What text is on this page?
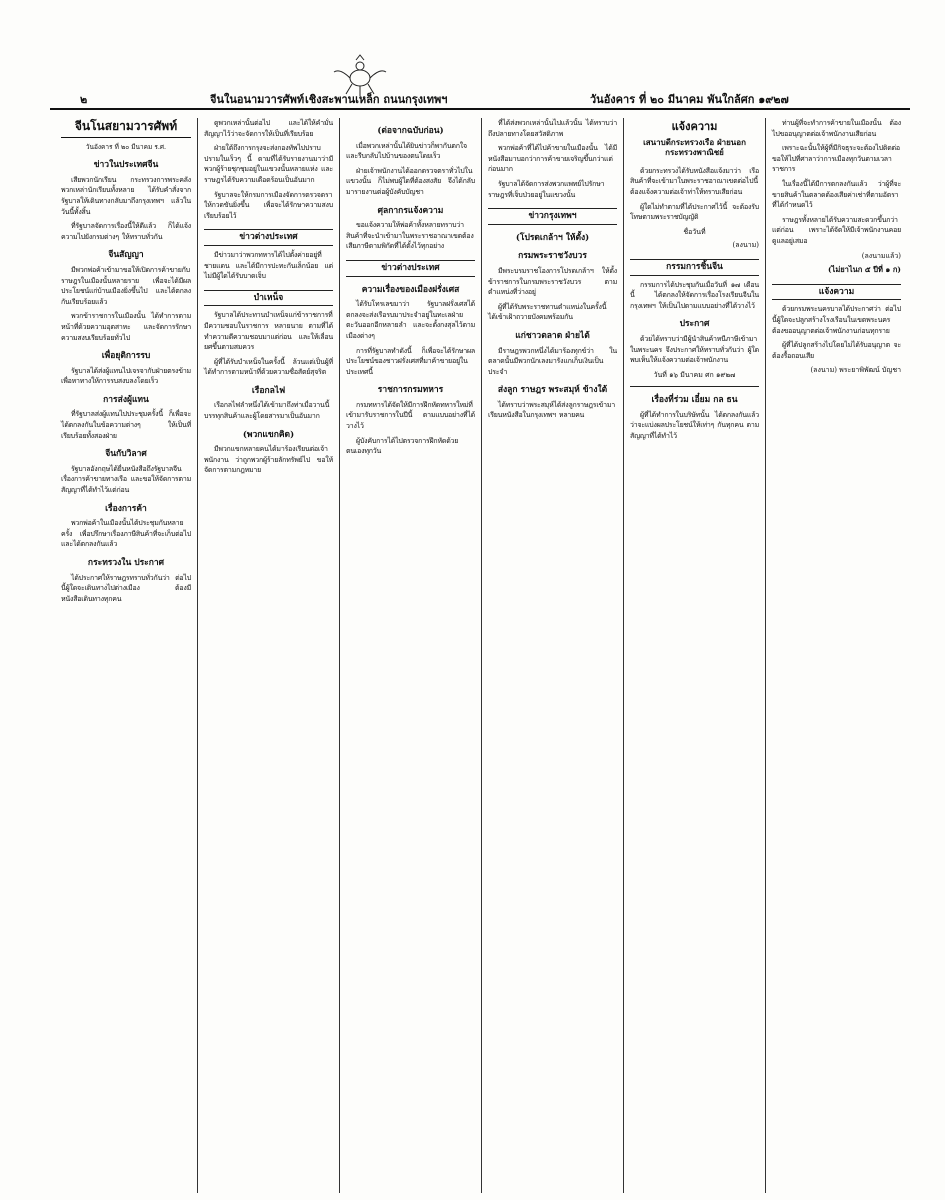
๒	จีนในอนามวารศัพท์ เชิงสะพานเหล็ก ถนนกรุงเทพฯ	วันอังคาร ที่ ๒๐ มีนาคม พันใกล้ศก ๑๙๒๗
จีนโนสยามวารศัพท์
วันอังคาร ที่ ๒๐ มีนาคม ร.ศ.
ข่าวในประเทศจีน

เสียพวกนักเรียน กระทรวงการพระคลัง พวกเหล่านักเรียนทั้งหลาย ได้รับคำสั่งจากรัฐบาลให้เดินทางกลับมาถึงกรุงเทพฯ แล้วในวันนี้ทั้งสิ้น

ที่รัฐบาลจัดการเรื่องนี้ให้ดีแล้ว ก็ได้แจ้งความไปยังกรมต่างๆ ให้ทราบทั่วกัน

จีนสัญญา

มีพวกพ่อค้าเข้ามาขอให้เปิดการค้าขายกับราษฎรในเมืองนั้นหลายราย เพื่อจะได้มีผลประโยชน์แก่บ้านเมืองยิ่งขึ้นไป และได้ตกลงกันเรียบร้อยแล้ว

พวกข้าราชการในเมืองนั้น ได้ทำการตามหน้าที่ด้วยความอุตสาหะ และจัดการรักษาความสงบเรียบร้อยทั่วไป

เพื่อยุติการรบ

รัฐบาลได้ส่งผู้แทนไปเจรจากับฝ่ายตรงข้าม เพื่อหาทางให้การรบสงบลงโดยเร็ว

การส่งผู้แทน

ที่รัฐบาลส่งผู้แทนไปประชุมครั้งนี้ ก็เพื่อจะได้ตกลงกันในข้อความต่างๆ ให้เป็นที่เรียบร้อยทั้งสองฝ่าย

จีนกับวิลาศ

รัฐบาลอังกฤษได้ยื่นหนังสือถึงรัฐบาลจีนเรื่องการค้าขายทางเรือ และขอให้จัดการตามสัญญาที่ได้ทำไว้แต่ก่อน

เรื่องการค้า

พวกพ่อค้าในเมืองนั้นได้ประชุมกันหลายครั้ง เพื่อปรึกษาเรื่องภาษีสินค้าที่จะเก็บต่อไป และได้ตกลงกันแล้ว

กระทรวงใน ประกาศ

ได้ประกาศให้ราษฎรทราบทั่วกันว่า ต่อไปนี้ผู้ใดจะเดินทางไปต่างเมือง ต้องมีหนังสือเดินทางทุกคน

ดูพวกเหล่านั้นต่อไป และได้ให้คำมั่นสัญญาไว้ว่าจะจัดการให้เป็นที่เรียบร้อย

ฝ่ายใต้ถึงการกรุงจะส่งกองทัพไปปราบปรามในเร็วๆ นี้ ตามที่ได้รับรายงานมาว่ามีพวกผู้ร้ายชุกชุมอยู่ในแขวงนั้นหลายแห่ง และราษฎรได้รับความเดือดร้อนเป็นอันมาก

รัฐบาลจะให้กรมการเมืองจัดการตรวจตราให้กวดขันยิ่งขึ้น เพื่อจะได้รักษาความสงบเรียบร้อยไว้

ข่าวต่างประเทศ

มีข่าวมาว่าพวกทหารได้ไปตั้งค่ายอยู่ที่ชายแดน และได้มีการปะทะกันเล็กน้อย แต่ไม่มีผู้ใดได้รับบาดเจ็บ

บำเหน็จ

รัฐบาลได้ประทานบำเหน็จแก่ข้าราชการที่มีความชอบในราชการ หลายนาย ตามที่ได้ทำความดีความชอบมาแต่ก่อน และให้เลื่อนยศขึ้นตามสมควร

ผู้ที่ได้รับบำเหน็จในครั้งนี้ ล้วนแต่เป็นผู้ที่ได้ทำการตามหน้าที่ด้วยความซื่อสัตย์สุจริต

เรือกลไฟ

เรือกลไฟลำหนึ่งได้เข้ามาถึงท่าเมื่อวานนี้ บรรทุกสินค้าและผู้โดยสารมาเป็นอันมาก

(พวกแขกคิด)

มีพวกแขกหลายคนได้มาร้องเรียนต่อเจ้าพนักงาน ว่าถูกพวกผู้ร้ายลักทรัพย์ไป ขอให้จัดการตามกฎหมาย

(ต่อจากฉบับก่อน)

เมื่อพวกเหล่านั้นได้ยินข่าวก็พากันตกใจ และรีบกลับไปบ้านของตนโดยเร็ว

ฝ่ายเจ้าพนักงานได้ออกตรวจตราทั่วไปในแขวงนั้น ก็ไม่พบผู้ใดที่ต้องสงสัย จึงได้กลับมารายงานต่อผู้บังคับบัญชา

ศุลกากรแจ้งความ

ขอแจ้งความให้พ่อค้าทั้งหลายทราบว่า สินค้าที่จะนำเข้ามาในพระราชอาณาเขตต้องเสียภาษีตามพิกัดที่ได้ตั้งไว้ทุกอย่าง

ข่าวต่างประเทศ
ความเรื่องของเมืองฝรั่งเศส

ได้รับโทรเลขมาว่า รัฐบาลฝรั่งเศสได้ตกลงจะส่งเรือรบมาประจำอยู่ในทะเลฝ่ายตะวันออกอีกหลายลำ และจะตั้งกงสุลไว้ตามเมืองต่างๆ

การที่รัฐบาลทำดังนี้ ก็เพื่อจะได้รักษาผลประโยชน์ของชาวฝรั่งเศสที่มาค้าขายอยู่ในประเทศนี้

ราชการกรมทหาร

กรมทหารได้จัดให้มีการฝึกหัดทหารใหม่ที่เข้ามารับราชการในปีนี้ ตามแบบอย่างที่ได้วางไว้

ผู้บังคับการได้ไปตรวจการฝึกหัดด้วยตนเองทุกวัน

ที่ได้ส่งพวกเหล่านั้นไปแล้วนั้น ได้ทราบว่าถึงปลายทางโดยสวัสดิภาพ

พวกพ่อค้าที่ได้ไปค้าขายในเมืองนั้น ได้มีหนังสือมาบอกว่าการค้าขายเจริญขึ้นกว่าแต่ก่อนมาก

รัฐบาลได้จัดการส่งพวกแพทย์ไปรักษาราษฎรที่เจ็บป่วยอยู่ในแขวงนั้น

ข่าวกรุงเทพฯ
(โปรดเกล้าฯ ให้ตั้ง)
กรมพระราชวังบวร

มีพระบรมราชโองการโปรดเกล้าฯ ให้ตั้งข้าราชการในกรมพระราชวังบวร ตามตำแหน่งที่ว่างอยู่

ผู้ที่ได้รับพระราชทานตำแหน่งในครั้งนี้ ได้เข้าเฝ้าถวายบังคมพร้อมกัน

แก่ชาวตลาด ฝ่ายไต้

มีราษฎรพวกหนึ่งได้มาร้องทุกข์ว่า ในตลาดนั้นมีพวกนักเลงมารังแกเก็บเงินเป็นประจำ

ส่งลูก ราษฎร พระสมุห์ ข้างใต้

ได้ทราบว่าพระสมุห์ได้ส่งลูกราษฎรเข้ามาเรียนหนังสือในกรุงเทพฯ หลายคน

แจ้งความ
เสนาบดีกระทรวงเรือ ฝ่ายนอก กระทรวงพาณิชย์

ด้วยกระทรวงได้รับหนังสือแจ้งมาว่า เรือสินค้าที่จะเข้ามาในพระราชอาณาเขตต่อไปนี้ ต้องแจ้งความต่อเจ้าท่าให้ทราบเสียก่อน

ผู้ใดไม่ทำตามที่ได้ประกาศไว้นี้ จะต้องรับโทษตามพระราชบัญญัติ

ชื่อวันที่
(ลงนาม)
กรรมการชิ้นจีน

กรรมการได้ประชุมกันเมื่อวันที่ ๑๗ เดือนนี้ ได้ตกลงให้จัดการเรื่องโรงเรียนจีนในกรุงเทพฯ ให้เป็นไปตามแบบอย่างที่ได้วางไว้

ประกาศ

ด้วยได้ทราบว่ามีผู้นำสินค้าหนีภาษีเข้ามาในพระนคร จึงประกาศให้ทราบทั่วกันว่า ผู้ใดพบเห็นให้แจ้งความต่อเจ้าพนักงาน

วันที่ ๑๖ มีนาคม ศก ๑๙๒๗
เรื่องที่ร่วม เอี๋ยม กล ธน

ผู้ที่ได้ทำการในบริษัทนั้น ได้ตกลงกันแล้วว่าจะแบ่งผลประโยชน์ให้เท่าๆ กันทุกคน ตามสัญญาที่ได้ทำไว้

ท่านผู้ที่จะทำการค้าขายในเมืองนั้น ต้องไปขออนุญาตต่อเจ้าพนักงานเสียก่อน

เพราะฉะนั้นให้ผู้ที่มีกิจธุระจะต้องไปติดต่อ ขอให้ไปที่ศาลาว่าการเมืองทุกวันตามเวลาราชการ

ในเรื่องนี้ได้มีการตกลงกันแล้ว ว่าผู้ที่จะขายสินค้าในตลาดต้องเสียค่าเช่าที่ตามอัตราที่ได้กำหนดไว้

ราษฎรทั้งหลายได้รับความสะดวกขึ้นกว่าแต่ก่อน เพราะได้จัดให้มีเจ้าพนักงานคอยดูแลอยู่เสมอ

(ลงนามแล้ว)
(ไม่ยาไนก ๕ ปีที่ ๑ ก)
แจ้งความ

ด้วยกรมพระนครบาลได้ประกาศว่า ต่อไปนี้ผู้ใดจะปลูกสร้างโรงเรือนในเขตพระนคร ต้องขออนุญาตต่อเจ้าพนักงานก่อนทุกราย

ผู้ที่ได้ปลูกสร้างไปโดยไม่ได้รับอนุญาต จะต้องรื้อถอนเสีย

(ลงนาม) พระยาพิพัฒน์ บัญชา
